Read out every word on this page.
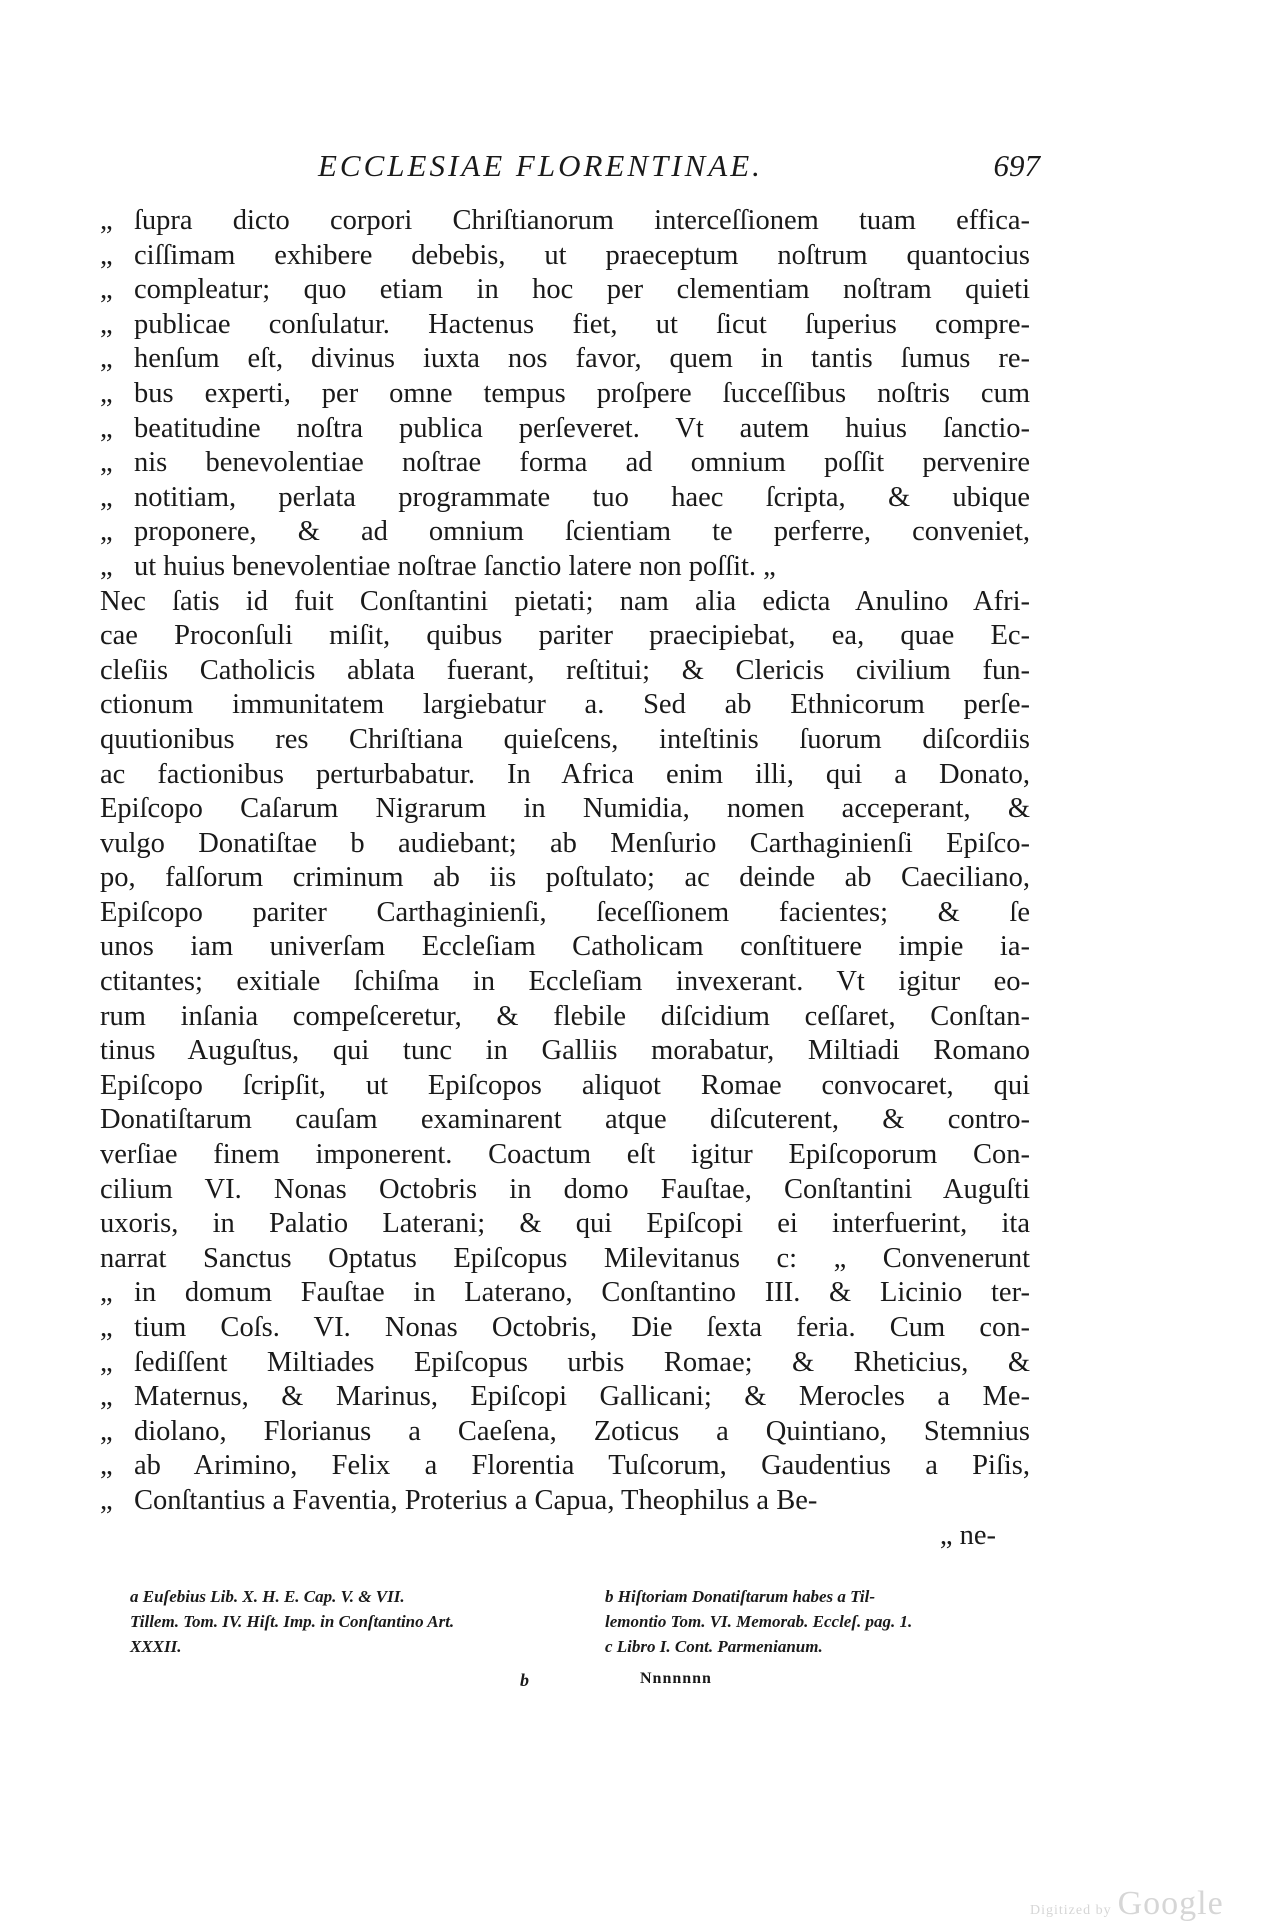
ECCLESIAE FLORENTINAE.	697
„ ſupra dicto corpori Chriſtianorum interceſſionem tuam effica-
„ ciſſimam exhibere debebis, ut praeceptum noſtrum quantocius
„ compleatur; quo etiam in hoc per clementiam noſtram quieti
„ publicae conſulatur. Hactenus fiet, ut ſicut ſuperius compre-
„ henſum eſt, divinus iuxta nos favor, quem in tantis ſumus re-
„ bus experti, per omne tempus proſpere ſucceſſibus noſtris cum
„ beatitudine noſtra publica perſeveret. Vt autem huius ſanctio-
„ nis benevolentiae noſtrae forma ad omnium poſſit pervenire
„ notitiam, perlata programmate tuo haec ſcripta, & ubique
„ proponere, & ad omnium ſcientiam te perferre, conveniet,
„ ut huius benevolentiae noſtrae ſanctio latere non poſſit. „
Nec ſatis id fuit Conſtantini pietati; nam alia edicta Anulino Afri-
cae Proconſuli miſit, quibus pariter praecipiebat, ea, quae Ec-
cleſiis Catholicis ablata fuerant, reſtitui; & Clericis civilium fun-
ctionum immunitatem largiebatur a. Sed ab Ethnicorum perſe-
quutionibus res Chriſtiana quieſcens, inteſtinis ſuorum diſcordiis
ac factionibus perturbabatur. In Africa enim illi, qui a Donato,
Epiſcopo Caſarum Nigrarum in Numidia, nomen acceperant, &
vulgo Donatiſtae b audiebant; ab Menſurio Carthaginienſi Epiſco-
po, falſorum criminum ab iis poſtulato; ac deinde ab Caeciliano,
Epiſcopo pariter Carthaginienſi, ſeceſſionem facientes; & ſe
unos iam univerſam Eccleſiam Catholicam conſtituere impie ia-
ctitantes; exitiale ſchiſma in Eccleſiam invexerant. Vt igitur eo-
rum inſania compeſceretur, & flebile diſcidium ceſſaret, Conſtan-
tinus Auguſtus, qui tunc in Galliis morabatur, Miltiadi Romano
Epiſcopo ſcripſit, ut Epiſcopos aliquot Romae convocaret, qui
Donatiſtarum cauſam examinarent atque diſcuterent, & contro-
verſiae finem imponerent. Coactum eſt igitur Epiſcoporum Con-
cilium VI. Nonas Octobris in domo Fauſtae, Conſtantini Auguſti
uxoris, in Palatio Laterani; & qui Epiſcopi ei interfuerint, ita
narrat Sanctus Optatus Epiſcopus Milevitanus c: „ Convenerunt
„ in domum Fauſtae in Laterano, Conſtantino III. & Licinio ter-
„ tium Coſs. VI. Nonas Octobris, Die ſexta feria. Cum con-
„ ſediſſent Miltiades Epiſcopus urbis Romae; & Rheticius, &
„ Maternus, & Marinus, Epiſcopi Gallicani; & Merocles a Me-
„ diolano, Florianus a Caeſena, Zoticus a Quintiano, Stemnius
„ ab Arimino, Felix a Florentia Tuſcorum, Gaudentius a Piſis,
„ Conſtantius a Faventia, Proterius a Capua, Theophilus a Be-
„ ne-
a Euſebius Lib. X. H. E. Cap. V. & VII.
Tillem. Tom. IV. Hiſt. Imp. in Conſtantino Art.
XXXII.
b Hiſtoriam Donatiſtarum habes a Til-
lemontio Tom. VI. Memorab. Eccleſ. pag. 1.
c Libro I. Cont. Parmenianum.
b	Nnnnnnn
Digitized by Google
